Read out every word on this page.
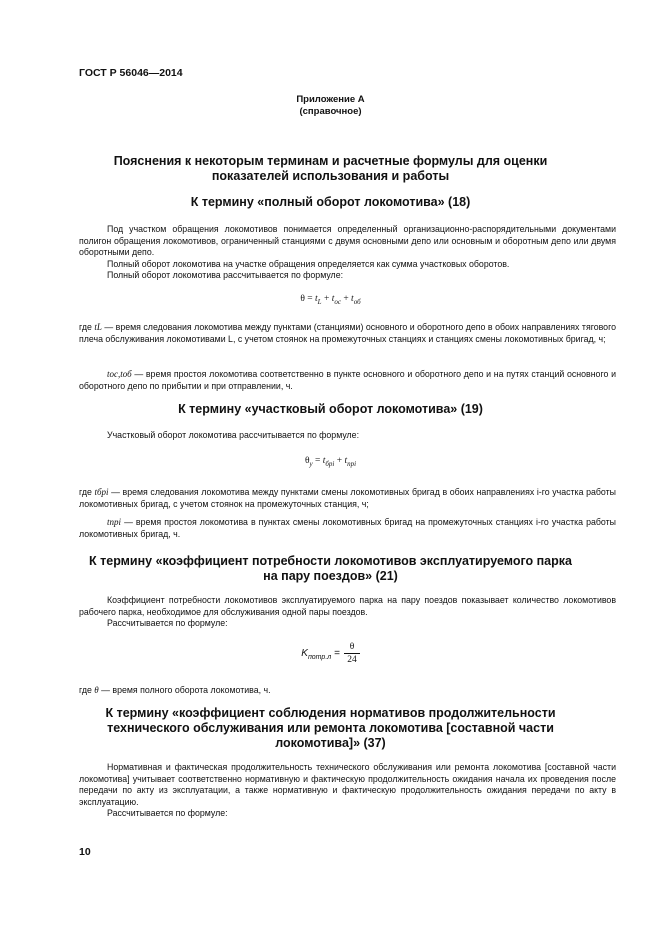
ГОСТ Р 56046—2014
Приложение А
(справочное)
Пояснения к некоторым терминам и расчетные формулы для оценки
показателей использования и работы
К термину «полный оборот локомотива» (18)
Под участком обращения локомотивов понимается определенный организационно-распорядительными документами полигон обращения локомотивов, ограниченный станциями с двумя основными депо или основным и оборотным депо или двумя оборотными депо.
Полный оборот локомотива на участке обращения определяется как сумма участковых оборотов.
Полный оборот локомотива рассчитывается по формуле:
$\theta = t_L + t_{ос} + t_{об}$
где tL — время следования локомотива между пунктами (станциями) основного и оборотного депо в обоих направлениях тягового плеча обслуживания локомотивами L, с учетом стоянок на промежуточных станциях и станциях смены локомотивных бригад, ч;
tос,tоб — время простоя локомотива соответственно в пункте основного и оборотного депо и на путях станций основного и оборотного депо по прибытии и при отправлении, ч.
К термину «участковый оборот локомотива» (19)
Участковый оборот локомотива рассчитывается по формуле:
$\theta_у = t_{брi} + t_{прi}$
где tбрi — время следования локомотива между пунктами смены локомотивных бригад в обоих направлениях i-го участка работы локомотивных бригад, с учетом стоянок на промежуточных станция, ч;
tпрi — время простоя локомотива в пунктах смены локомотивных бригад на промежуточных станциях i-го участка работы локомотивных бригад, ч.
К термину «коэффициент потребности локомотивов эксплуатируемого парка
на пару поездов» (21)
Коэффициент потребности локомотивов эксплуатируемого парка на пару поездов показывает количество локомотивов рабочего парка, необходимое для обслуживания одной пары поездов.
Рассчитывается по формуле:
$K_{потр.л} = \frac{\theta}{24}$
где θ — время полного оборота локомотива, ч.
К термину «коэффициент соблюдения нормативов продолжительности
технического обслуживания или ремонта локомотива [составной части
локомотива]» (37)
Нормативная и фактическая продолжительность технического обслуживания или ремонта локомотива [составной части локомотива] учитывает соответственно нормативную и фактическую продолжительность ожидания начала их проведения после передачи по акту из эксплуатации, а также нормативную и фактическую продолжительность ожидания передачи по акту в эксплуатацию.
Рассчитывается по формуле:
10
